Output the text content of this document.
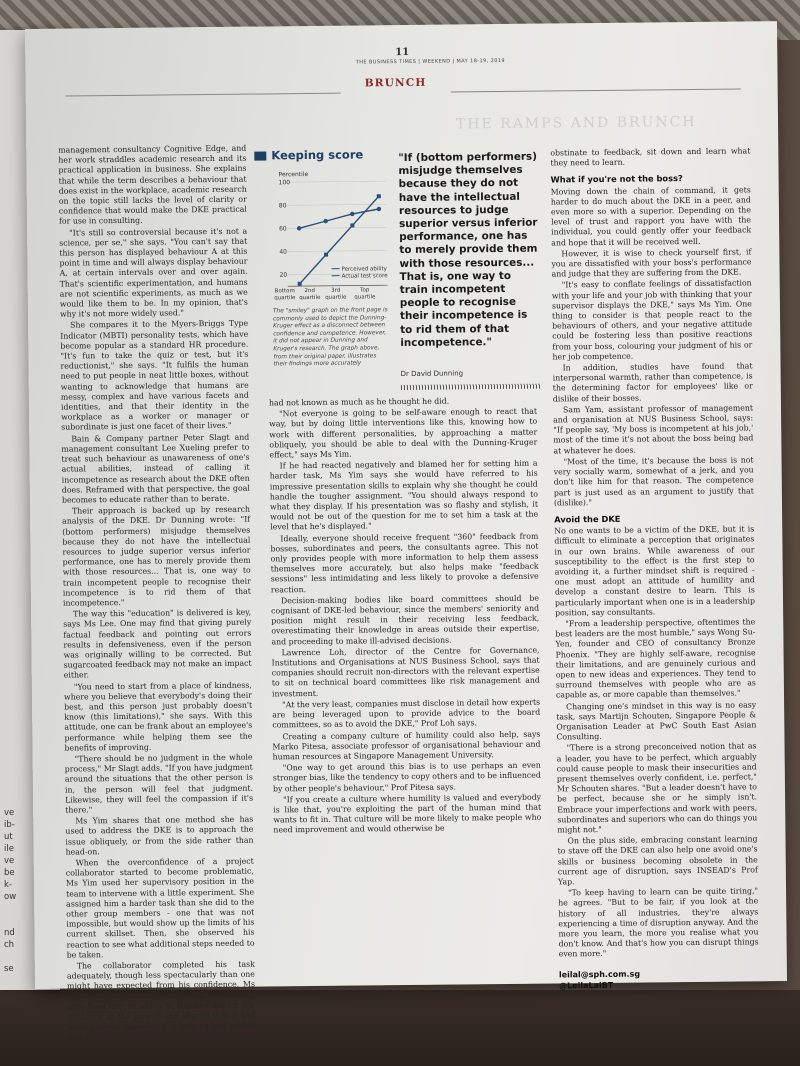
ve

ib-

ut

ile

ve

be

k-

ow

nd

ch

se

11
THE BUSINESS TIMES | WEEKEND | MAY 18-19, 2019
BRUNCH
THE RAMPS AND BRUNCH

management consultancy Cognitive Edge, and her work straddles academic research and its practical application in business. She explains that while the term describes a behaviour that does exist in the workplace, academic research on the topic still lacks the level of clarity or confidence that would make the DKE practical for use in consulting.

"It's still so controversial because it's not a science, per se," she says. "You can't say that this person has displayed behaviour A at this point in time and will always display behaviour A, at certain intervals over and over again. That's scientific experimentation, and humans are not scientific experiments, as much as we would like them to be. In my opinion, that's why it's not more widely used."

She compares it to the Myers-Briggs Type Indicator (MBTI) personality tests, which have become popular as a standard HR procedure. "It's fun to take the quiz or test, but it's reductionist," she says. "It fulfils the human need to put people in neat little boxes, without wanting to acknowledge that humans are messy, complex and have various facets and identities, and that their identity in the workplace as a worker or manager or subordinate is just one facet of their lives."

Bain & Company partner Peter Slagt and management consultant Lee Xueling prefer to treat such behaviour as unawareness of one's actual abilities, instead of calling it incompetence as research about the DKE often does. Reframed with that perspective, the goal becomes to educate rather than to berate.

Their approach is backed up by research analysis of the DKE. Dr Dunning wrote: "If (bottom performers) misjudge themselves because they do not have the intellectual resources to judge superior versus inferior performance, one has to merely provide them with those resources... That is, one way to train incompetent people to recognise their incompetence is to rid them of that incompetence."

The way this "education" is delivered is key, says Ms Lee. One may find that giving purely factual feedback and pointing out errors results in defensiveness, even if the person was originally willing to be corrected. But sugarcoated feedback may not make an impact either.

"You need to start from a place of kindness, where you believe that everybody's doing their best, and this person just probably doesn't know (this limitations)," she says. With this attitude, one can be frank about an employee's performance while helping them see the benefits of improving.

"There should be no judgment in the whole process," Mr Slagt adds. "If you have judgment around the situations that the other person is in, the person will feel that judgment. Likewise, they will feel the compassion if it's there."

Ms Yim shares that one method she has used to address the DKE is to approach the issue obliquely, or from the side rather than head-on.

When the overconfidence of a project collaborator started to become problematic, Ms Yim used her supervisory position in the team to intervene with a little experiment. She assigned him a harder task than she did to the other group members - one that was not impossible, but would show up the limits of his current skillset. Then, she observed his reaction to see what additional steps needed to be taken.

The collaborator completed his task adequately, though less spectacularly than one might have expected from his confidence. Ms Yim was later pleasantly surprised to receive a note from him, in which he thanked her for her guidance in the project and shared that it had been a useful experience in helping him realise that he

Keeping score
Percentile
20
40
60
80
100
Perceived ability
Actual test score
The "smiley" graph on the front page is commonly used to depict the Dunning-Kruger effect as a disconnect between confidence and competence. However, it did not appear in Dunning and Kruger's research. The graph above, from their original paper, illustrates their findings more accurately
"If (bottom performers) misjudge themselves because they do not have the intellectual resources to judge superior versus inferior performance, one has to merely provide them with those resources... That is, one way to train incompetent people to recognise their incompetence is to rid them of that incompetence."
Dr David Dunning

had not known as much as he thought he did.

"Not everyone is going to be self-aware enough to react that way, but by doing little interventions like this, knowing how to work with different personalities, by approaching a matter obliquely, you should be able to deal with the Dunning-Kruger effect," says Ms Yim.

If he had reacted negatively and blamed her for setting him a harder task, Ms Yim says she would have referred to his impressive presentation skills to explain why she thought he could handle the tougher assignment. "You should always respond to what they display. If his presentation was so flashy and stylish, it would not be out of the question for me to set him a task at the level that he's displayed."

Ideally, everyone should receive frequent "360" feedback from bosses, subordinates and peers, the consultants agree. This not only provides people with more information to help them assess themselves more accurately, but also helps make "feedback sessions" less intimidating and less likely to provoke a defensive reaction.

Decision-making bodies like board committees should be cognisant of DKE-led behaviour, since the members' seniority and position might result in their receiving less feedback, overestimating their knowledge in areas outside their expertise, and proceeding to make ill-advised decisions.

Lawrence Loh, director of the Centre for Governance, Institutions and Organisations at NUS Business School, says that companies should recruit non-directors with the relevant expertise to sit on technical board committees like risk management and investment.

"At the very least, companies must disclose in detail how experts are being leveraged upon to provide advice to the board committees, so as to avoid the DKE," Prof Loh says.

Creating a company culture of humility could also help, says Marko Pitesa, associate professor of organisational behaviour and human resources at Singapore Management University.

"One way to get around this bias is to use perhaps an even stronger bias, like the tendency to copy others and to be influenced by other people's behaviour," Prof Pitesa says.

"If you create a culture where humility is valued and everybody is like that, you're exploiting the part of the human mind that wants to fit in. That culture will be more likely to make people who need improvement and would otherwise be

obstinate to feedback, sit down and learn what they need to learn.

What if you're not the boss?

Moving down the chain of command, it gets harder to do much about the DKE in a peer, and even more so with a superior. Depending on the level of trust and rapport you have with the individual, you could gently offer your feedback and hope that it will be received well.

However, it is wise to check yourself first, if you are dissatisfied with your boss's performance and judge that they are suffering from the DKE.

"It's easy to conflate feelings of dissatisfaction with your life and your job with thinking that your supervisor displays the DKE," says Ms Yim. One thing to consider is that people react to the behaviours of others, and your negative attitude could be fostering less than positive reactions from your boss, colouring your judgment of his or her job competence.

In addition, studies have found that interpersonal warmth, rather than competence, is the determining factor for employees' like or dislike of their bosses.

Sam Yam, assistant professor of management and organisation at NUS Business School, says: "If people say, 'My boss is incompetent at his job,' most of the time it's not about the boss being bad at whatever he does.

"Most of the time, it's because the boss is not very socially warm, somewhat of a jerk, and you don't like him for that reason. The competence part is just used as an argument to justify that (dislike)."

Avoid the DKE

No one wants to be a victim of the DKE, but it is difficult to eliminate a perception that originates in our own brains. While awareness of our susceptibility to the effect is the first step to avoiding it, a further mindset shift is required - one must adopt an attitude of humility and develop a constant desire to learn. This is particularly important when one is in a leadership position, say consultants.

"From a leadership perspective, oftentimes the best leaders are the most humble," says Wong Su-Yen, founder and CEO of consultancy Bronze Phoenix. "They are highly self-aware, recognise their limitations, and are genuinely curious and open to new ideas and experiences. They tend to surround themselves with people who are as capable as, or more capable than themselves."

Changing one's mindset in this way is no easy task, says Martijn Schouten, Singapore People & Organisation Leader at PwC South East Asian Consulting.

"There is a strong preconceived notion that as a leader, you have to be perfect, which arguably could cause people to mask their insecurities and present themselves overly confident, i.e. perfect," Mr Schouten shares. "But a leader doesn't have to be perfect, because she or he simply isn't. Embrace your imperfections and work with peers, subordinates and superiors who can do things you might not."

On the plus side, embracing constant learning to stave off the DKE can also help one avoid one's skills or business becoming obsolete in the current age of disruption, says INSEAD's Prof Yap.

"To keep having to learn can be quite tiring," he agrees. "But to be fair, if you look at the history of all industries, they're always experiencing a time of disruption anyway. And the more you learn, the more you realise what you don't know. And that's how you can disrupt things even more."

leilal@sph.com.sg
@LeilaLaiBT
Bottom quartile
2nd quartile
3rd quartile
Top quartile
